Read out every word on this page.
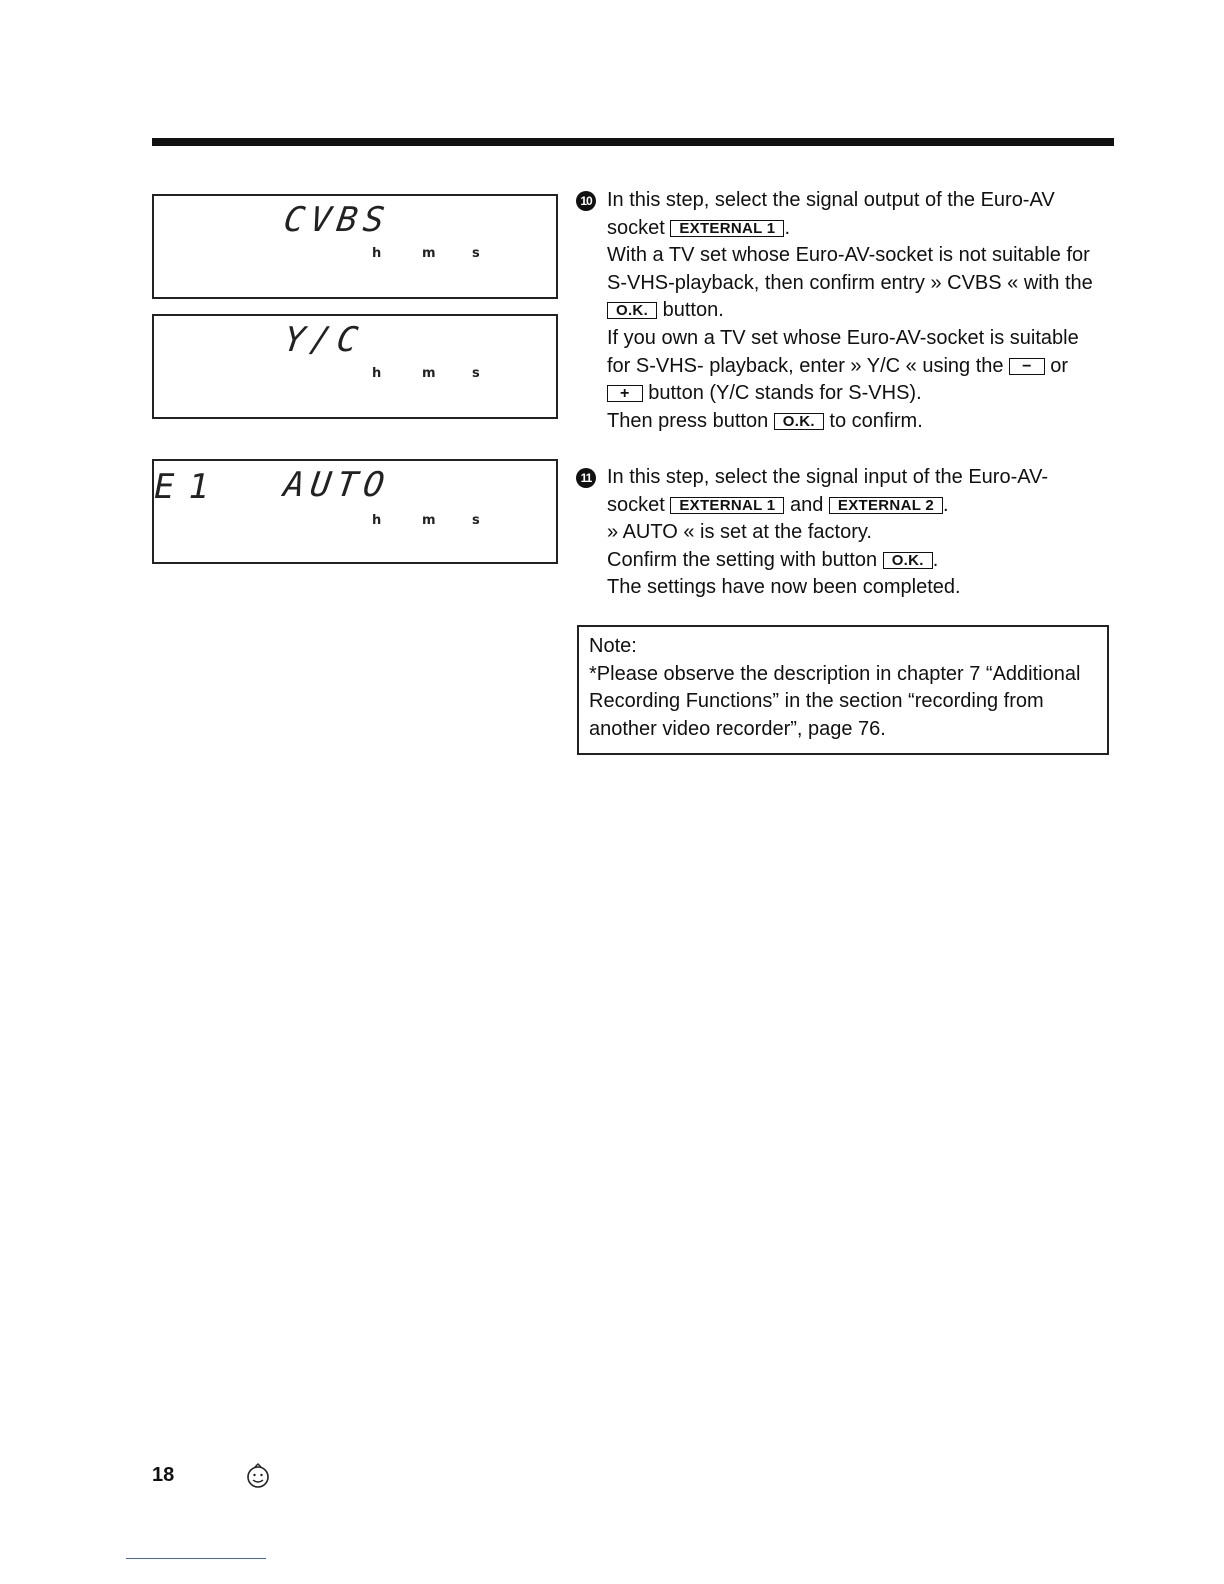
CVBS
h	m	s
Y/C
h	m	s
E1 AUTO
h	m	s
10 In this step, select the signal output of the Euro-AV
socket EXTERNAL 1 .
With a TV set whose Euro-AV-socket is not suitable for
S-VHS-playback, then confirm entry » CVBS « with the
O.K. button.
If you own a TV set whose Euro-AV-socket is suitable
for S-VHS- playback, enter » Y/C « using the − or
+ button (Y/C stands for S-VHS).
Then press button O.K. to confirm.
11 In this step, select the signal input of the Euro-AV-
socket EXTERNAL 1 and EXTERNAL 2 .
» AUTO « is set at the factory.
Confirm the setting with button O.K. .
The settings have now been completed.
Note:
*Please observe the description in chapter 7 “Additional
Recording Functions” in the section “recording from
another video recorder”, page 76.
18
